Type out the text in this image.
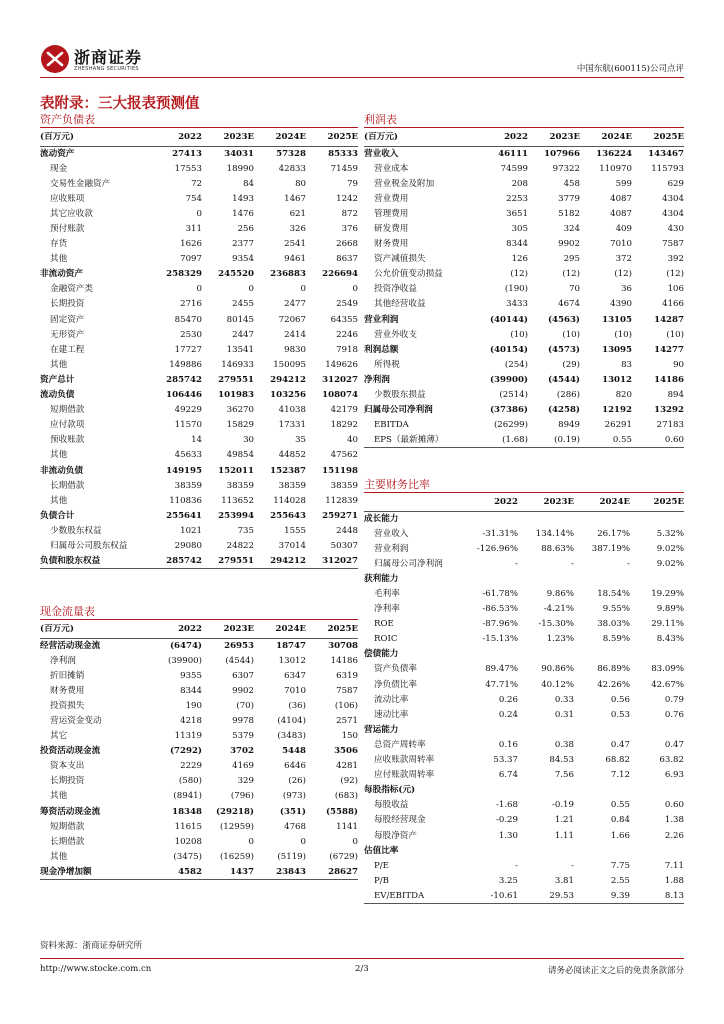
浙商证券
ZHESHANG SECURITIES	中国东航(600115)公司点评
表附录：三大报表预测值
资产负债表
(百万元)	2022	2023E	2024E	2025E
流动资产	27413	34031	57328	85333
现金	17553	18990	42833	71459
交易性金融资产	72	84	80	79
应收账项	754	1493	1467	1242
其它应收款	0	1476	621	872
预付账款	311	256	326	376
存货	1626	2377	2541	2668
其他	7097	9354	9461	8637
非流动资产	258329	245520	236883	226694
金融资产类	0	0	0	0
长期投资	2716	2455	2477	2549
固定资产	85470	80145	72067	64355
无形资产	2530	2447	2414	2246
在建工程	17727	13541	9830	7918
其他	149886	146933	150095	149626
资产总计	285742	279551	294212	312027
流动负债	106446	101983	103256	108074
短期借款	49229	36270	41038	42179
应付款项	11570	15829	17331	18292
预收账款	14	30	35	40
其他	45633	49854	44852	47562
非流动负债	149195	152011	152387	151198
长期借款	38359	38359	38359	38359
其他	110836	113652	114028	112839
负债合计	255641	253994	255643	259271
少数股东权益	1021	735	1555	2448
归属母公司股东权益	29080	24822	37014	50307
负债和股东权益	285742	279551	294212	312027
现金流量表
(百万元)	2022	2023E	2024E	2025E
经营活动现金流	(6474)	26953	18747	30708
净利润	(39900)	(4544)	13012	14186
折旧摊销	9355	6307	6347	6319
财务费用	8344	9902	7010	7587
投资损失	190	(70)	(36)	(106)
营运资金变动	4218	9978	(4104)	2571
其它	11319	5379	(3483)	150
投资活动现金流	(7292)	3702	5448	3506
资本支出	2229	4169	6446	4281
长期投资	(580)	329	(26)	(92)
其他	(8941)	(796)	(973)	(683)
筹资活动现金流	18348	(29218)	(351)	(5588)
短期借款	11615	(12959)	4768	1141
长期借款	10208	0	0	0
其他	(3475)	(16259)	(5119)	(6729)
现金净增加额	4582	1437	23843	28627
利润表
(百万元)	2022	2023E	2024E	2025E
营业收入	46111	107966	136224	143467
营业成本	74599	97322	110970	115793
营业税金及附加	208	458	599	629
营业费用	2253	3779	4087	4304
管理费用	3651	5182	4087	4304
研发费用	305	324	409	430
财务费用	8344	9902	7010	7587
资产减值损失	126	295	372	392
公允价值变动损益	(12)	(12)	(12)	(12)
投资净收益	(190)	70	36	106
其他经营收益	3433	4674	4390	4166
营业利润	(40144)	(4563)	13105	14287
营业外收支	(10)	(10)	(10)	(10)
利润总额	(40154)	(4573)	13095	14277
所得税	(254)	(29)	83	90
净利润	(39900)	(4544)	13012	14186
少数股东损益	(2514)	(286)	820	894
归属母公司净利润	(37386)	(4258)	12192	13292
EBITDA	(26299)	8949	26291	27183
EPS（最新摊薄）	(1.68)	(0.19)	0.55	0.60
主要财务比率
	2022	2023E	2024E	2025E
成长能力				
营业收入	-31.31%	134.14%	26.17%	5.32%
营业利润	-126.96%	88.63%	387.19%	9.02%
归属母公司净利润	-	-	-	9.02%
获利能力				
毛利率	-61.78%	9.86%	18.54%	19.29%
净利率	-86.53%	-4.21%	9.55%	9.89%
ROE	-87.96%	-15.30%	38.03%	29.11%
ROIC	-15.13%	1.23%	8.59%	8.43%
偿债能力				
资产负债率	89.47%	90.86%	86.89%	83.09%
净负债比率	47.71%	40.12%	42.26%	42.67%
流动比率	0.26	0.33	0.56	0.79
速动比率	0.24	0.31	0.53	0.76
营运能力				
总资产周转率	0.16	0.38	0.47	0.47
应收账款周转率	53.37	84.53	68.82	63.82
应付账款周转率	6.74	7.56	7.12	6.93
每股指标(元)				
每股收益	-1.68	-0.19	0.55	0.60
每股经营现金	-0.29	1.21	0.84	1.38
每股净资产	1.30	1.11	1.66	2.26
估值比率				
P/E	-	-	7.75	7.11
P/B	3.25	3.81	2.55	1.88
EV/EBITDA	-10.61	29.53	9.39	8.13
资料来源：浙商证券研究所
http://www.stocke.com.cn	2/3	请务必阅读正文之后的免责条款部分
